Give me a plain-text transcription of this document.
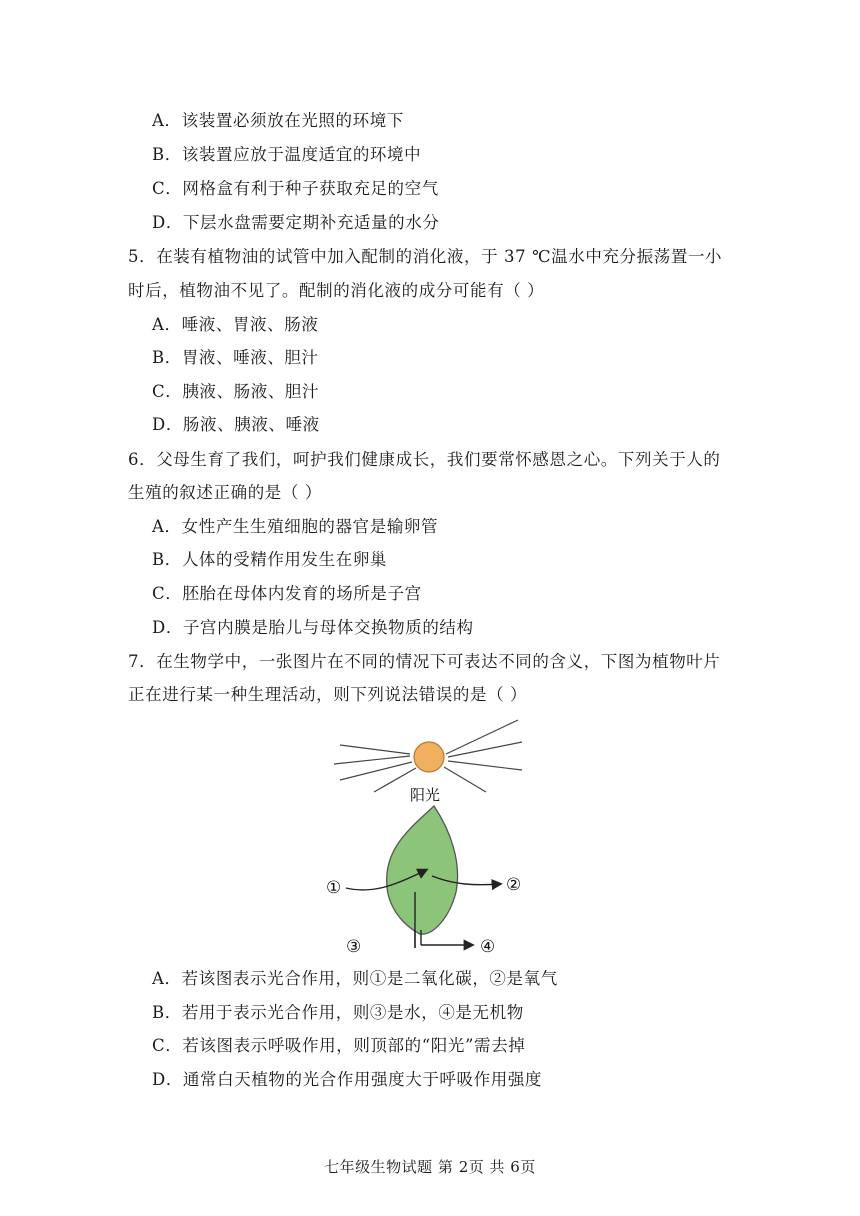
A．该装置必须放在光照的环境下
B．该装置应放于温度适宜的环境中
C．网格盒有利于种子获取充足的空气
D．下层水盘需要定期补充适量的水分
5．在装有植物油的试管中加入配制的消化液，于 37 ℃温水中充分振荡置一小
时后，植物油不见了。配制的消化液的成分可能有（ ）
A．唾液、胃液、肠液
B．胃液、唾液、胆汁
C．胰液、肠液、胆汁
D．肠液、胰液、唾液
6．父母生育了我们，呵护我们健康成长，我们要常怀感恩之心。下列关于人的
生殖的叙述正确的是（ ）
A．女性产生生殖细胞的器官是输卵管
B．人体的受精作用发生在卵巢
C．胚胎在母体内发育的场所是子宫
D．子宫内膜是胎儿与母体交换物质的结构
7．在生物学中，一张图片在不同的情况下可表达不同的含义，下图为植物叶片
正在进行某一种生理活动，则下列说法错误的是（ ）
阳光
①	②
③	④
A．若该图表示光合作用，则①是二氧化碳，②是氧气
B．若用于表示光合作用，则③是水，④是无机物
C．若该图表示呼吸作用，则顶部的“阳光”需去掉
D．通常白天植物的光合作用强度大于呼吸作用强度
七年级生物试题 第 2页 共 6页
